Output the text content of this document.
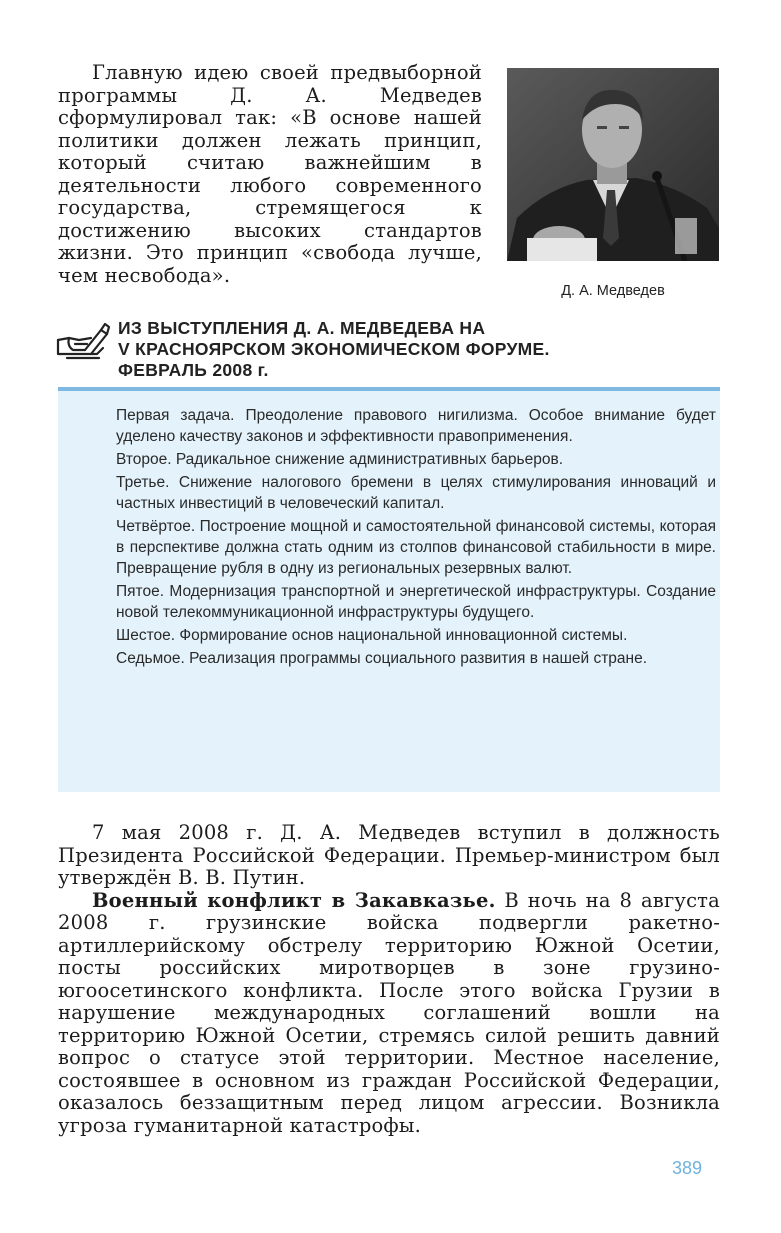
Главную идею своей предвыборной программы Д. А. Медведев сформулировал так: «В основе нашей политики должен лежать принцип, который считаю важнейшим в деятельности любого современного государства, стремящегося к достижению высоких стандартов жизни. Это принцип «свобода лучше, чем несвобода».
Д. А. Медведев
ИЗ ВЫСТУПЛЕНИЯ Д. А. МЕДВЕДЕВА НА
V КРАСНОЯРСКОМ ЭКОНОМИЧЕСКОМ ФОРУМЕ.
ФЕВРАЛЬ 2008 г.

Первая задача. Преодоление правового нигилизма. Особое внимание будет уделено качеству законов и эффективности правоприменения.

Второе. Радикальное снижение административных барьеров.

Третье. Снижение налогового бремени в целях стимулирования инноваций и частных инвестиций в человеческий капитал.

Четвёртое. Построение мощной и самостоятельной финансовой системы, которая в перспективе должна стать одним из столпов финансовой стабильности в мире. Превращение рубля в одну из региональных резервных валют.

Пятое. Модернизация транспортной и энергетической инфраструктуры. Создание новой телекоммуникационной инфраструктуры будущего.

Шестое. Формирование основ национальной инновационной системы.

Седьмое. Реализация программы социального развития в нашей стране.

7 мая 2008 г. Д. А. Медведев вступил в должность Президента Российской Федерации. Премьер-министром был утверждён В. В. Путин.

Военный конфликт в Закавказье. В ночь на 8 августа 2008 г. грузинские войска подвергли ракетно-артиллерийскому обстрелу территорию Южной Осетии, посты российских миротворцев в зоне грузино-югоосетинского конфликта. После этого войска Грузии в нарушение международных соглашений вошли на территорию Южной Осетии, стремясь силой решить давний вопрос о статусе этой территории. Местное население, состоявшее в основном из граждан Российской Федерации, оказалось беззащитным перед лицом агрессии. Возникла угроза гуманитарной катастрофы.

389
